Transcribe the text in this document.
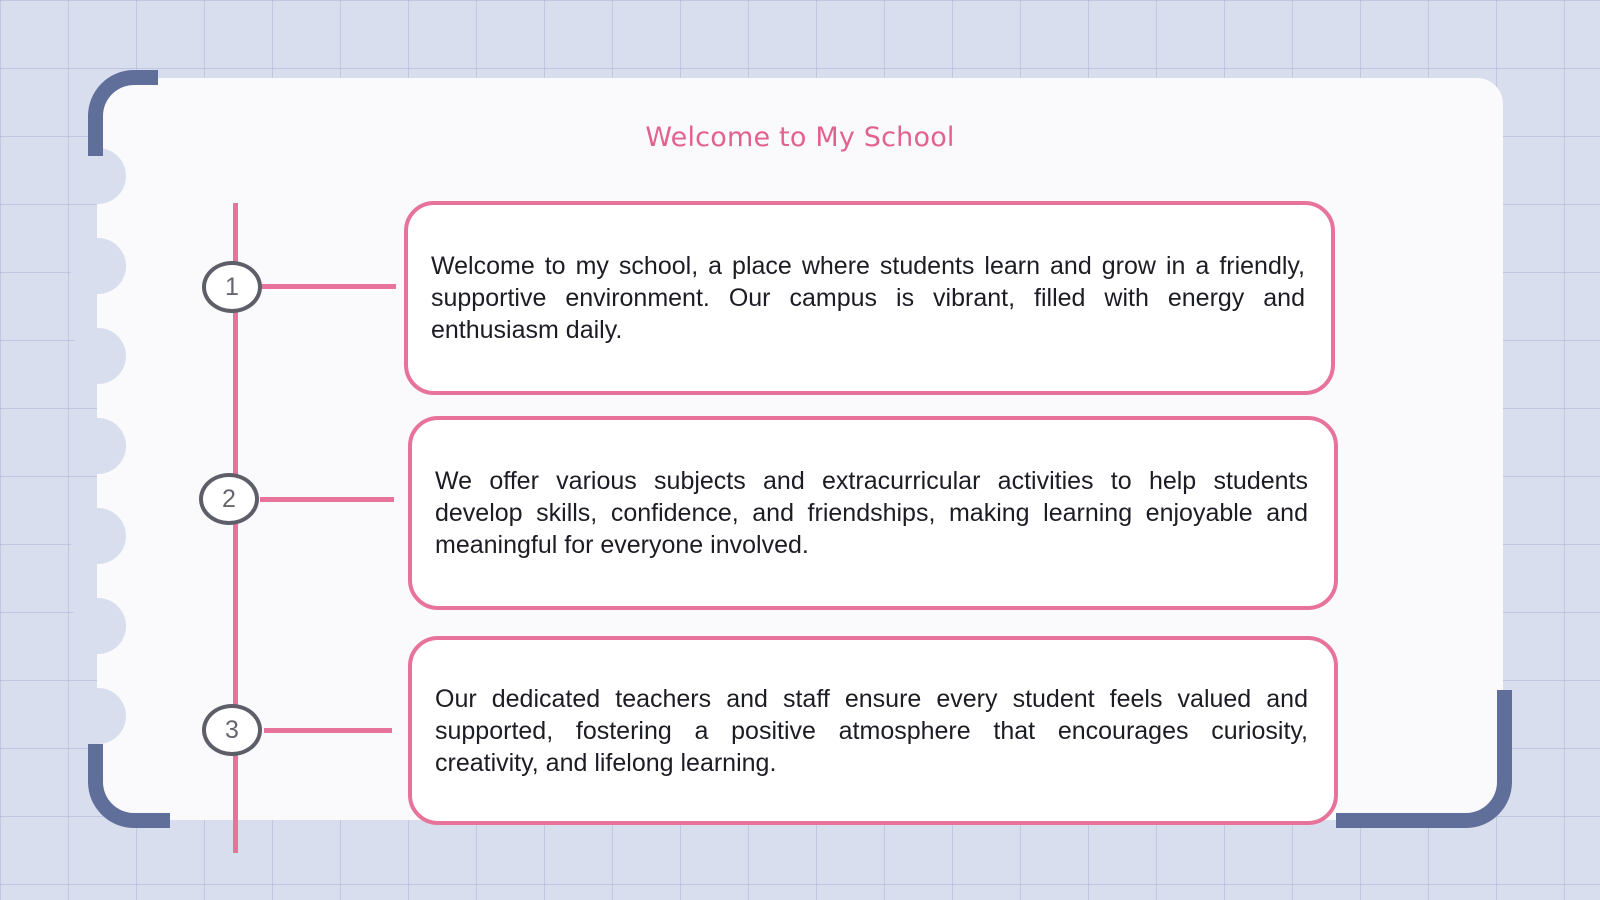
Welcome to My School
1
2
3

Welcome to my school, a place where students learn and grow in a friendly, supportive environment. Our campus is vibrant, filled with energy and enthusiasm daily.

We offer various subjects and extracurricular activities to help students develop skills, confidence, and friendships, making learning enjoyable and meaningful for everyone involved.

Our dedicated teachers and staff ensure every student feels valued and supported, fostering a positive atmosphere that encourages curiosity, creativity, and lifelong learning.
